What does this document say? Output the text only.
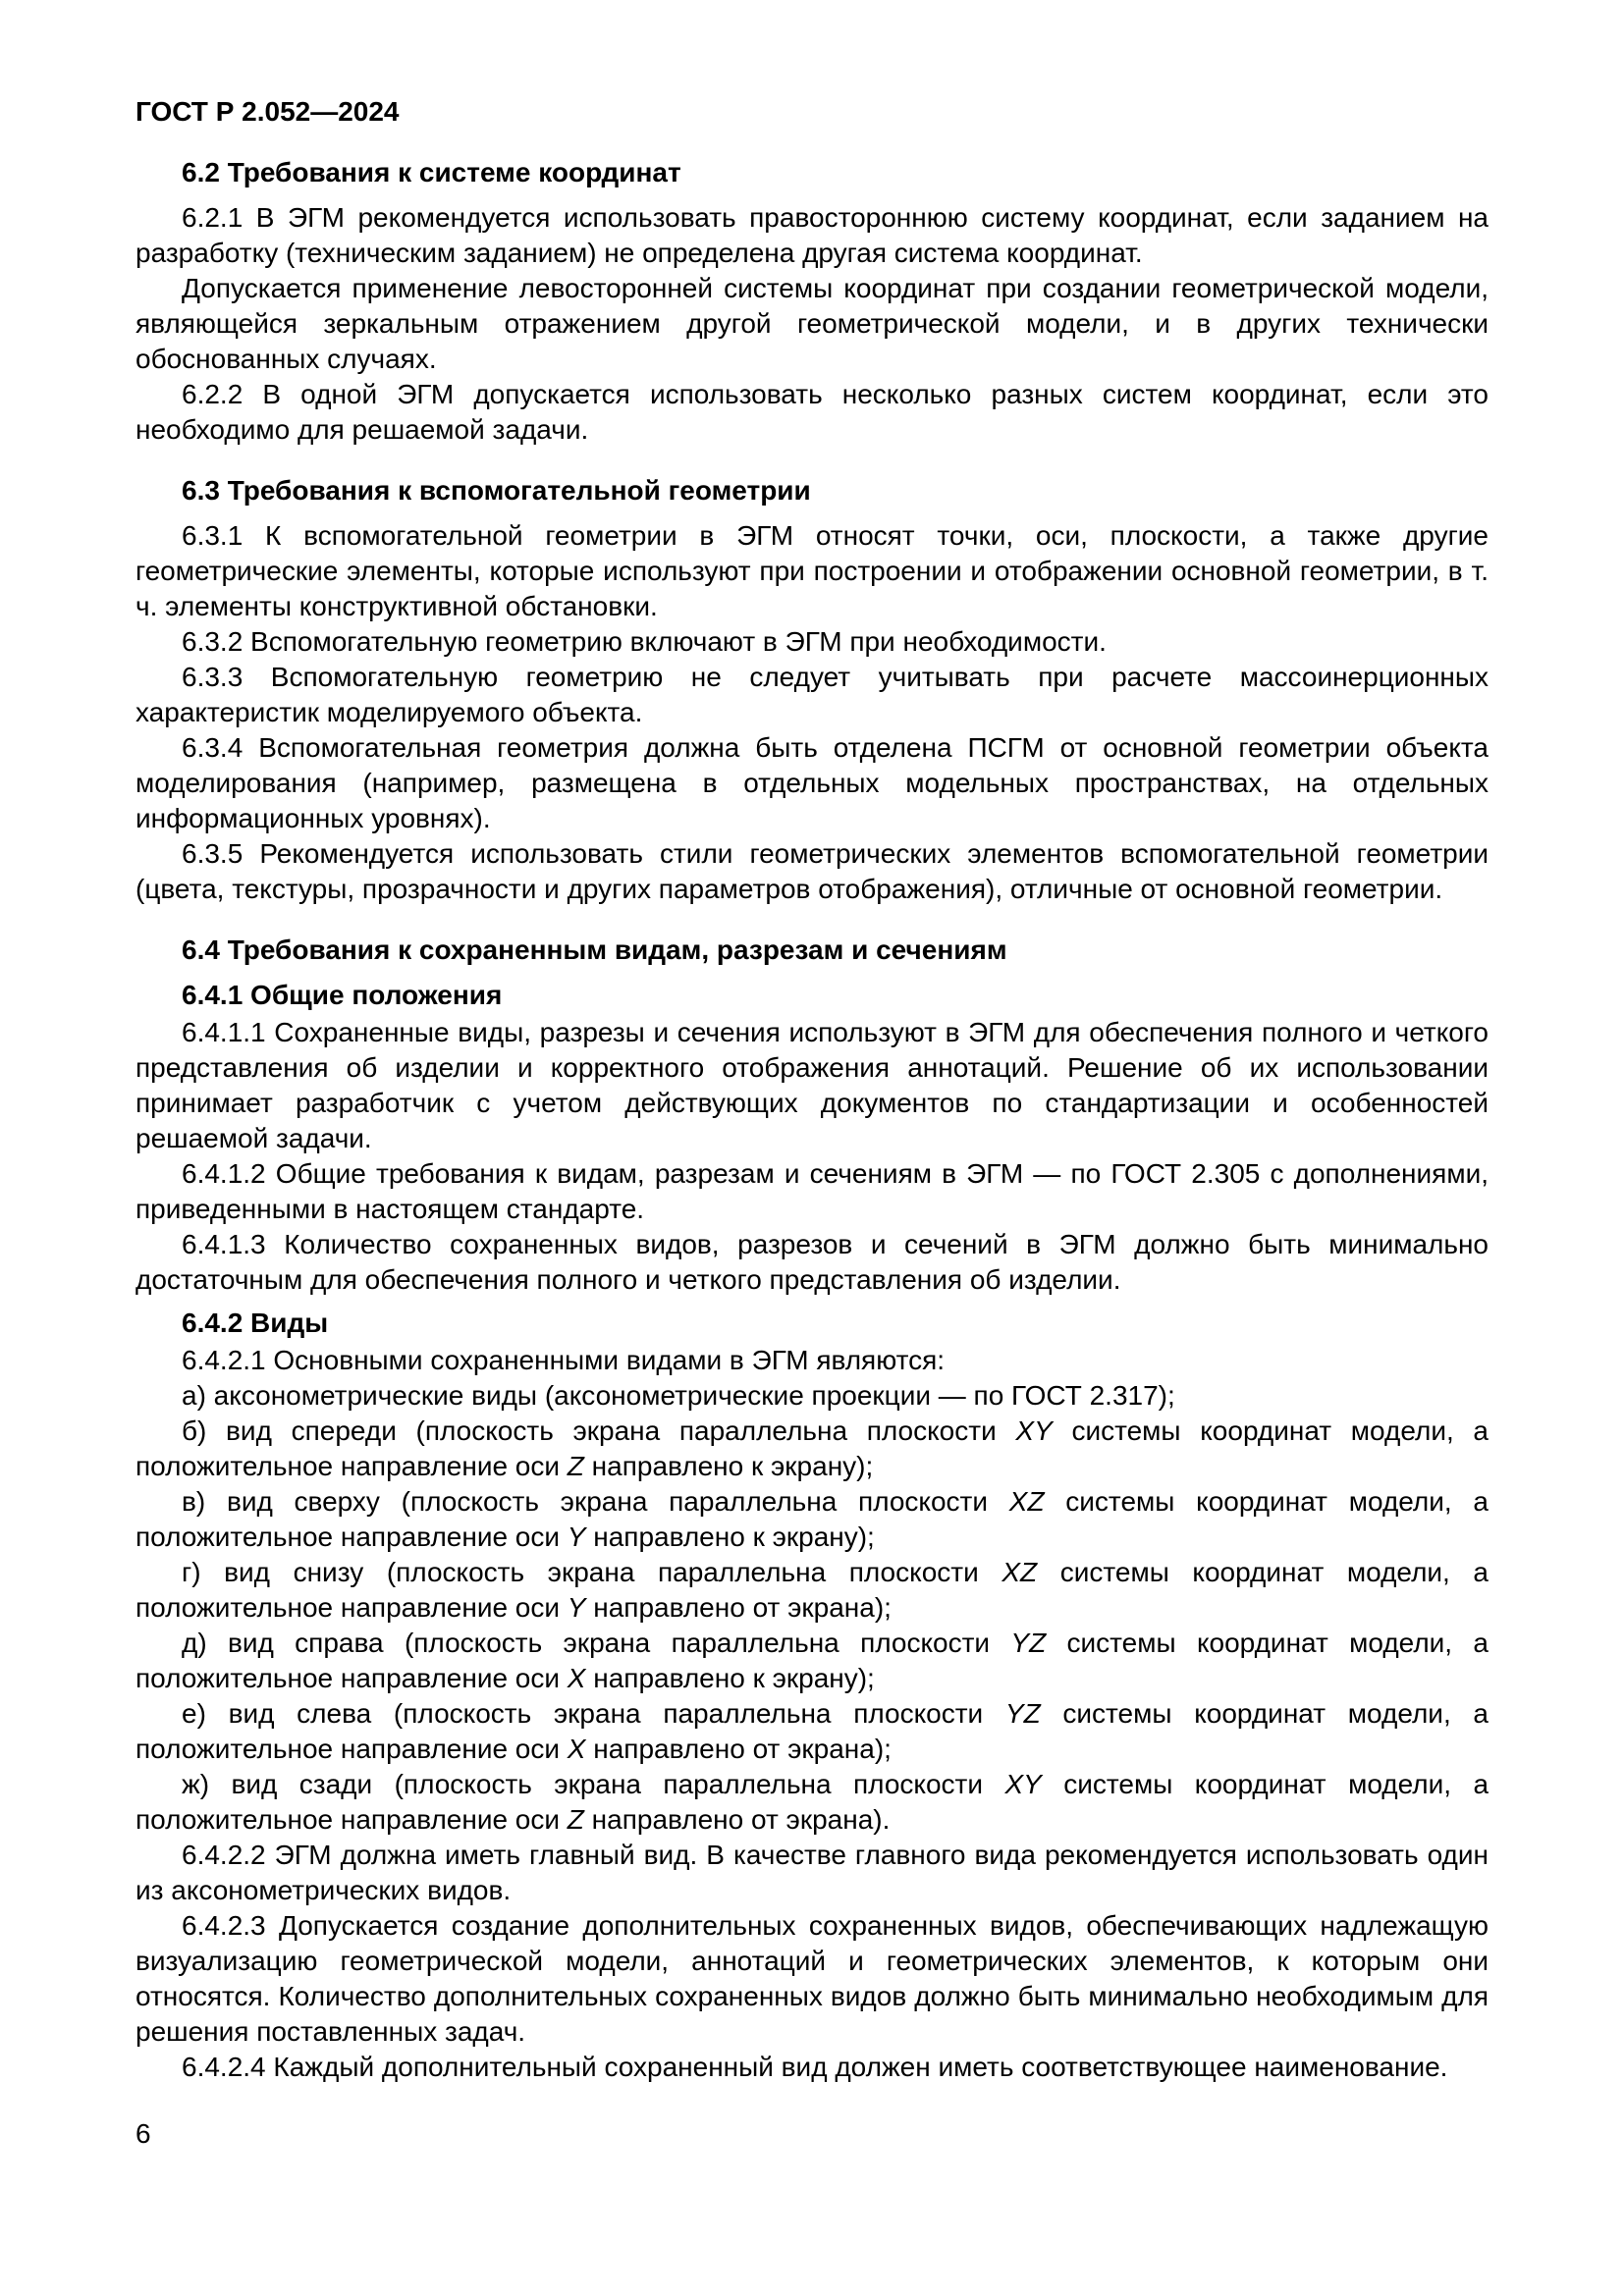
ГОСТ Р 2.052—2024

6.2 Требования к системе координат

6.2.1 В ЭГМ рекомендуется использовать правостороннюю систему координат, если заданием на разработку (техническим заданием) не определена другая система координат.

Допускается применение левосторонней системы координат при создании геометрической модели, являющейся зеркальным отражением другой геометрической модели, и в других технически обоснованных случаях.

6.2.2 В одной ЭГМ допускается использовать несколько разных систем координат, если это необходимо для решаемой задачи.

6.3 Требования к вспомогательной геометрии

6.3.1 К вспомогательной геометрии в ЭГМ относят точки, оси, плоскости, а также другие геометрические элементы, которые используют при построении и отображении основной геометрии, в т. ч. элементы конструктивной обстановки.

6.3.2 Вспомогательную геометрию включают в ЭГМ при необходимости.

6.3.3 Вспомогательную геометрию не следует учитывать при расчете массоинерционных характеристик моделируемого объекта.

6.3.4 Вспомогательная геометрия должна быть отделена ПСГМ от основной геометрии объекта моделирования (например, размещена в отдельных модельных пространствах, на отдельных информационных уровнях).

6.3.5 Рекомендуется использовать стили геометрических элементов вспомогательной геометрии (цвета, текстуры, прозрачности и других параметров отображения), отличные от основной геометрии.

6.4 Требования к сохраненным видам, разрезам и сечениям

6.4.1 Общие положения

6.4.1.1 Сохраненные виды, разрезы и сечения используют в ЭГМ для обеспечения полного и четкого представления об изделии и корректного отображения аннотаций. Решение об их использовании принимает разработчик с учетом действующих документов по стандартизации и особенностей решаемой задачи.

6.4.1.2 Общие требования к видам, разрезам и сечениям в ЭГМ — по ГОСТ 2.305 с дополнениями, приведенными в настоящем стандарте.

6.4.1.3 Количество сохраненных видов, разрезов и сечений в ЭГМ должно быть минимально достаточным для обеспечения полного и четкого представления об изделии.

6.4.2 Виды

6.4.2.1 Основными сохраненными видами в ЭГМ являются:

а) аксонометрические виды (аксонометрические проекции — по ГОСТ 2.317);

б) вид спереди (плоскость экрана параллельна плоскости XY системы координат модели, а положительное направление оси Z направлено к экрану);

в) вид сверху (плоскость экрана параллельна плоскости XZ системы координат модели, а положительное направление оси Y направлено к экрану);

г) вид снизу (плоскость экрана параллельна плоскости XZ системы координат модели, а положительное направление оси Y направлено от экрана);

д) вид справа (плоскость экрана параллельна плоскости YZ системы координат модели, а положительное направление оси X направлено к экрану);

е) вид слева (плоскость экрана параллельна плоскости YZ системы координат модели, а положительное направление оси X направлено от экрана);

ж) вид сзади (плоскость экрана параллельна плоскости XY системы координат модели, а положительное направление оси Z направлено от экрана).

6.4.2.2 ЭГМ должна иметь главный вид. В качестве главного вида рекомендуется использовать один из аксонометрических видов.

6.4.2.3 Допускается создание дополнительных сохраненных видов, обеспечивающих надлежащую визуализацию геометрической модели, аннотаций и геометрических элементов, к которым они относятся. Количество дополнительных сохраненных видов должно быть минимально необходимым для решения поставленных задач.

6.4.2.4 Каждый дополнительный сохраненный вид должен иметь соответствующее наименование.

6
